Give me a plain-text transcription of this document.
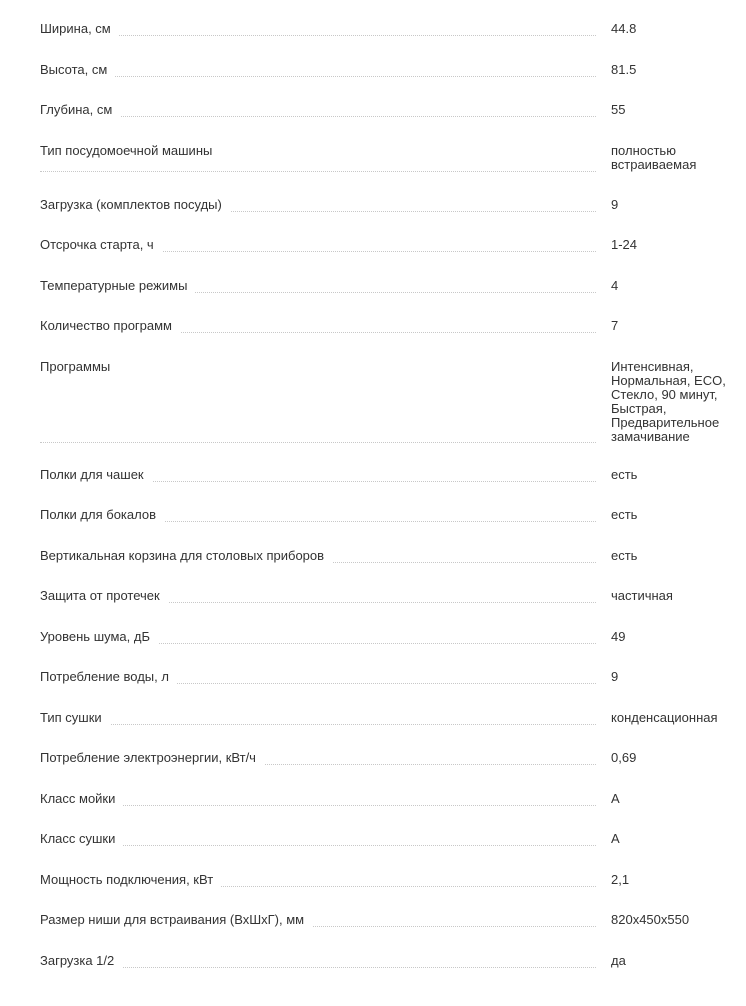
Ширина, см	44.8
Высота, см	81.5
Глубина, см	55
Тип посудомоечной машины	полностью встраиваемая
Загрузка (комплектов посуды)	9
Отсрочка старта, ч	1-24
Температурные режимы	4
Количество программ	7
Программы	Интенсивная, Нормальная, ECO, Стекло, 90 минут, Быстрая, Предварительное замачивание
Полки для чашек	есть
Полки для бокалов	есть
Вертикальная корзина для столовых приборов	есть
Защита от протечек	частичная
Уровень шума, дБ	49
Потребление воды, л	9
Тип сушки	конденсационная
Потребление электроэнергии, кВт/ч	0,69
Класс мойки	A
Класс сушки	A
Мощность подключения, кВт	2,1
Размер ниши для встраивания (ВхШхГ), мм	820x450x550
Загрузка 1/2	да
